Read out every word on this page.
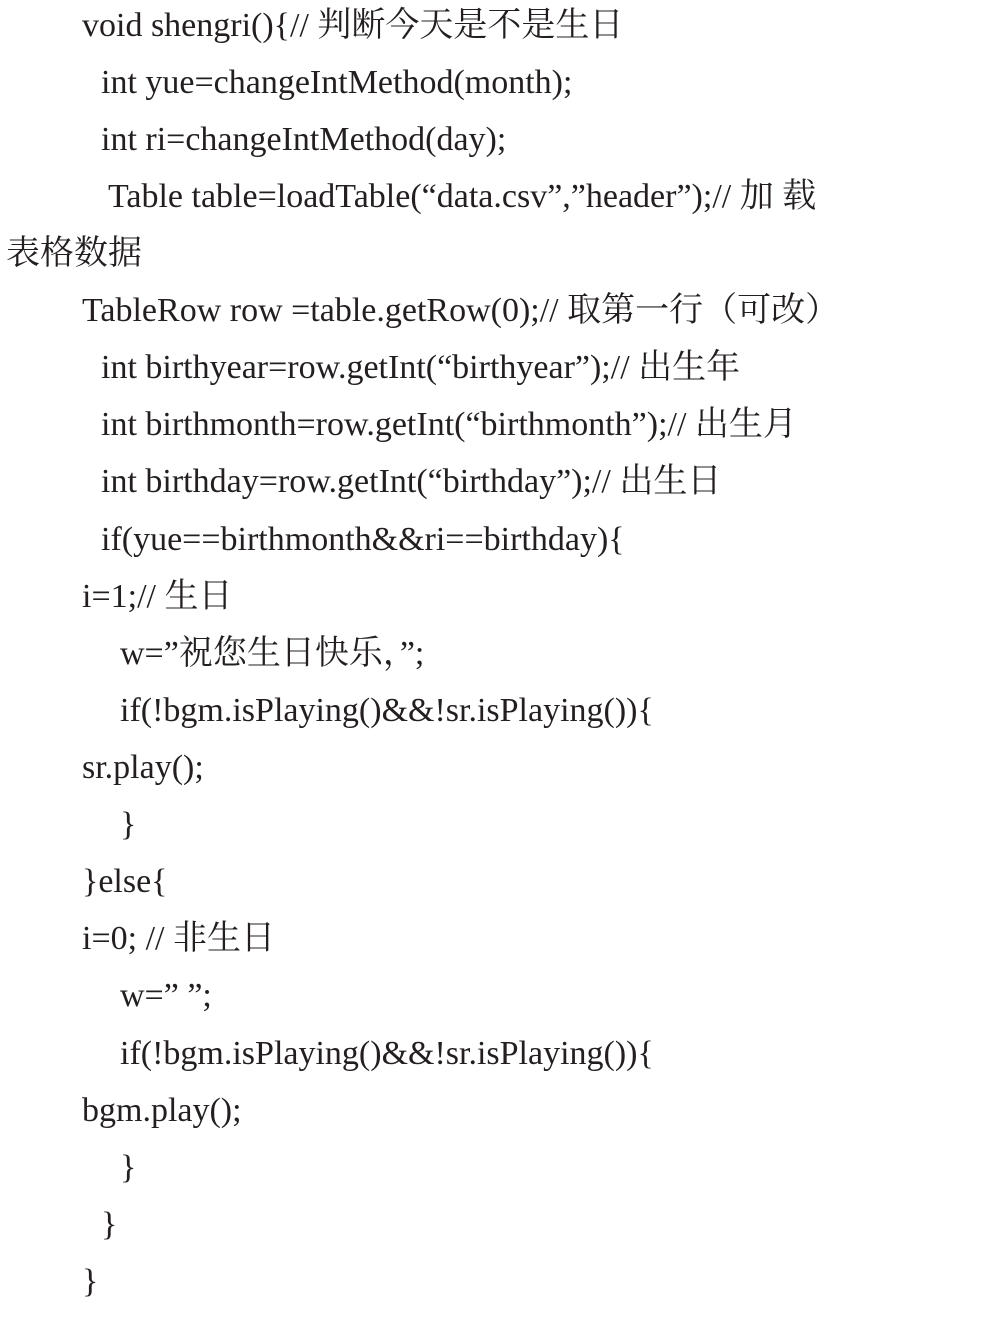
void shengri(){// 判断今天是不是生日
int yue=changeIntMethod(month);
int ri=changeIntMethod(day);
Table table=loadTable(“data.csv”,”header”);// 加 载
表格数据
TableRow row =table.getRow(0);// 取第一行（可改）
int birthyear=row.getInt(“birthyear”);// 出生年
int birthmonth=row.getInt(“birthmonth”);// 出生月
int birthday=row.getInt(“birthday”);// 出生日
if(yue==birthmonth&&ri==birthday){
i=1;// 生日
w=”祝您生日快乐，”;
if(!bgm.isPlaying()&&!sr.isPlaying()){
sr.play();
}
}else{
i=0; // 非生日
w=” ”;
if(!bgm.isPlaying()&&!sr.isPlaying()){
bgm.play();
}
}
}
